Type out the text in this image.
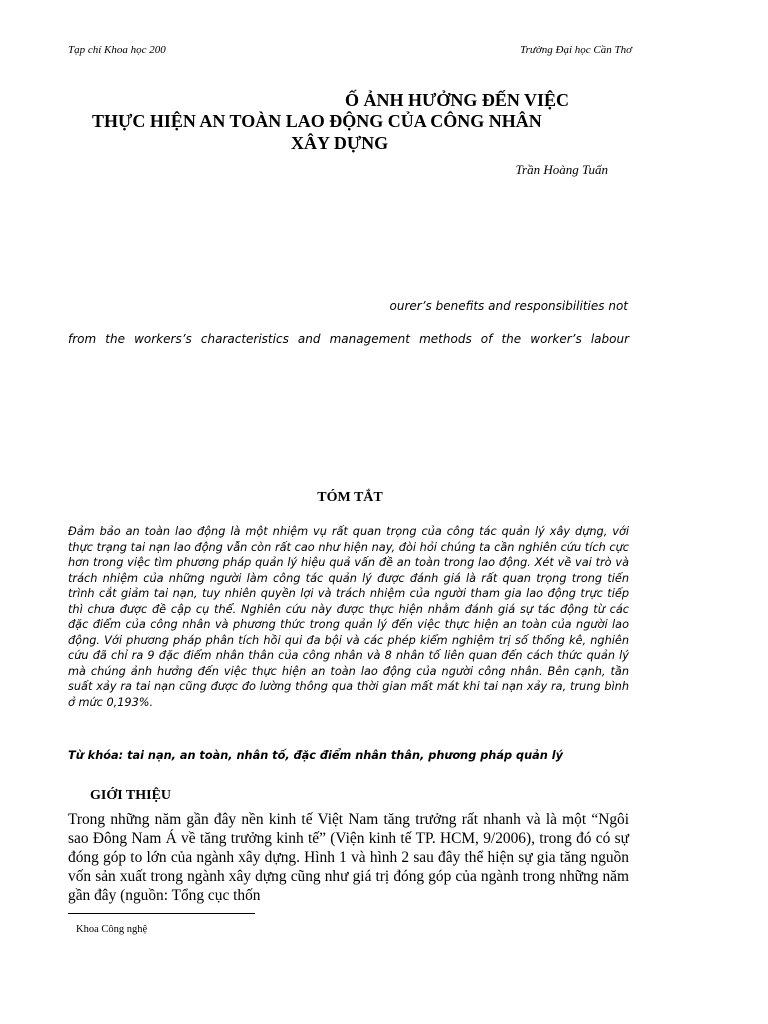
Tạp chí Khoa học 200	Trường Đại học Cần Thơ
Ố ẢNH HƯỞNG ĐẾN VIỆC
THỰC HIỆN AN TOÀN LAO ĐỘNG CỦA CÔNG NHÂN
XÂY DỰNG
Trần Hoàng Tuấn
ourer’s benefits and responsibilities not
from the workers’s characteristics and management methods of the worker’s labour
TÓM TẮT

Đảm bảo an toàn lao động là một nhiệm vụ rất quan trọng của công tác quản lý xây dựng, với thực trạng tai nạn lao động vẫn còn rất cao như hiện nay, đòi hỏi chúng ta cần nghiên cứu tích cực hơn trong việc tìm phương pháp quản lý hiệu quả vấn đề an toàn trong lao động. Xét về vai trò và trách nhiệm của những người làm công tác quản lý được đánh giá là rất quan trọng trong tiến trình cắt giảm tai nạn, tuy nhiên quyền lợi và trách nhiệm của người tham gia lao động trực tiếp thì chưa được đề cập cụ thể. Nghiên cứu này được thực hiện nhằm đánh giá sự tác động từ các đặc điểm của công nhân và phương thức trong quản lý đến việc thực hiện an toàn của người lao động. Với phương pháp phân tích hồi qui đa bội và các phép kiểm nghiệm trị số thống kê, nghiên cứu đã chỉ ra 9 đặc điểm nhân thân của công nhân và 8 nhân tố liên quan đến cách thức quản lý mà chúng ảnh hưởng đến việc thực hiện an toàn lao động của người công nhân. Bên cạnh, tần suất xảy ra tai nạn cũng được đo lường thông qua thời gian mất mát khi tai nạn xảy ra, trung bình ở mức 0,193%.

Từ khóa: tai nạn, an toàn, nhân tố, đặc điểm nhân thân, phương pháp quản lý
GIỚI THIỆU

Trong những năm gần đây nền kinh tế Việt Nam tăng trưởng rất nhanh và là một “Ngôi sao Đông Nam Á về tăng trưởng kinh tế” (Viện kinh tế TP. HCM, 9/2006), trong đó có sự đóng góp to lớn của ngành xây dựng. Hình 1 và hình 2 sau đây thể hiện sự gia tăng nguồn vốn sản xuất trong ngành xây dựng cũng như giá trị đóng góp của ngành trong những năm gần đây (nguồn: Tổng cục thốn

Khoa Công nghệ
